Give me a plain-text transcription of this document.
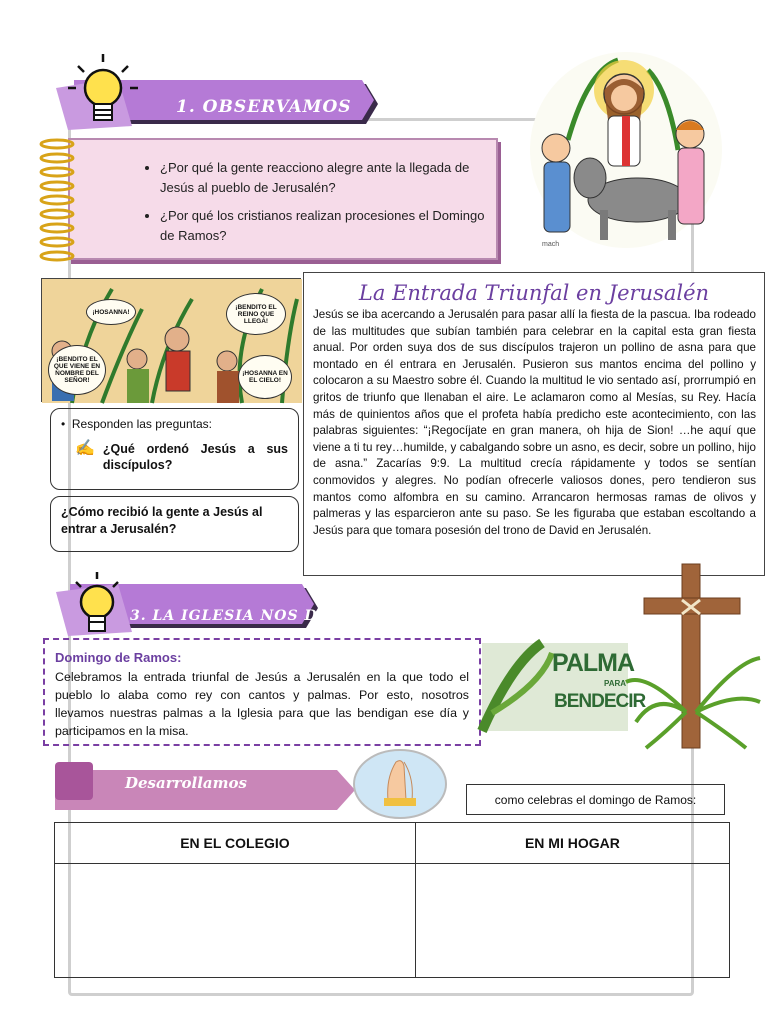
1. OBSERVAMOS
• ¿Por qué la gente reacciono alegre ante la llegada de Jesús al pueblo de Jerusalén?
• ¿Por qué los cristianos realizan procesiones el Domingo de Ramos?
mach
¡HOSANNA!
¡BENDITO EL REINO QUE LLEGA!
¡BENDITO EL QUE VIENE EN NOMBRE DEL SEÑOR!
¡HOSANNA EN EL CIELO!
La Entrada Triunfal en Jerusalén
Jesús se iba acercando a Jerusalén para pasar allí la fiesta de la pascua. Iba rodeado de las multitudes que subían también para celebrar en la capital esta gran fiesta anual. Por orden suya dos de sus discípulos trajeron un pollino de asna para que montado en él entrara en Jerusalén. Pusieron sus mantos encima del pollino y colocaron a su Maestro sobre él. Cuando la multitud le vio sentado así, prorrumpió en gritos de triunfo que llenaban el aire. Le aclamaron como al Mesías, su Rey. Hacía más de quinientos años que el profeta había predicho este acontecimiento, con las palabras siguientes: “¡Regocíjate en gran manera, oh hija de Sion! …he aquí que viene a ti tu rey…humilde, y cabalgando sobre un asno, es decir, sobre un pollino, hijo de asna.” Zacarías 9:9. La multitud crecía rápidamente y todos se sentían conmovidos y alegres. No podían ofrecerle valiosos dones, pero tendieron sus mantos como alfombra en su camino. Arrancaron hermosas ramas de olivos y palmeras y las esparcieron ante su paso. Se les figuraba que estaban escoltando a Jesús para que tomara posesión del trono de David en Jerusalén.
•  Responden las preguntas:
✍ ¿Qué ordenó Jesús a sus discípulos?
¿Cómo recibió la gente a Jesús al entrar a Jerusalén?
3. LA IGLESIA NOS DICE…
Domingo de Ramos:
Celebramos la entrada triunfal de Jesús a Jerusalén en la que todo el pueblo lo alaba como rey con cantos y palmas. Por esto, nosotros llevamos nuestras palmas a la Iglesia para que las bendigan ese día y participamos en la misa.
PALMA
PARA
BENDECIR
Desarrollamos
como celebras el domingo de Ramos:
EN EL COLEGIO	EN MI HOGAR
